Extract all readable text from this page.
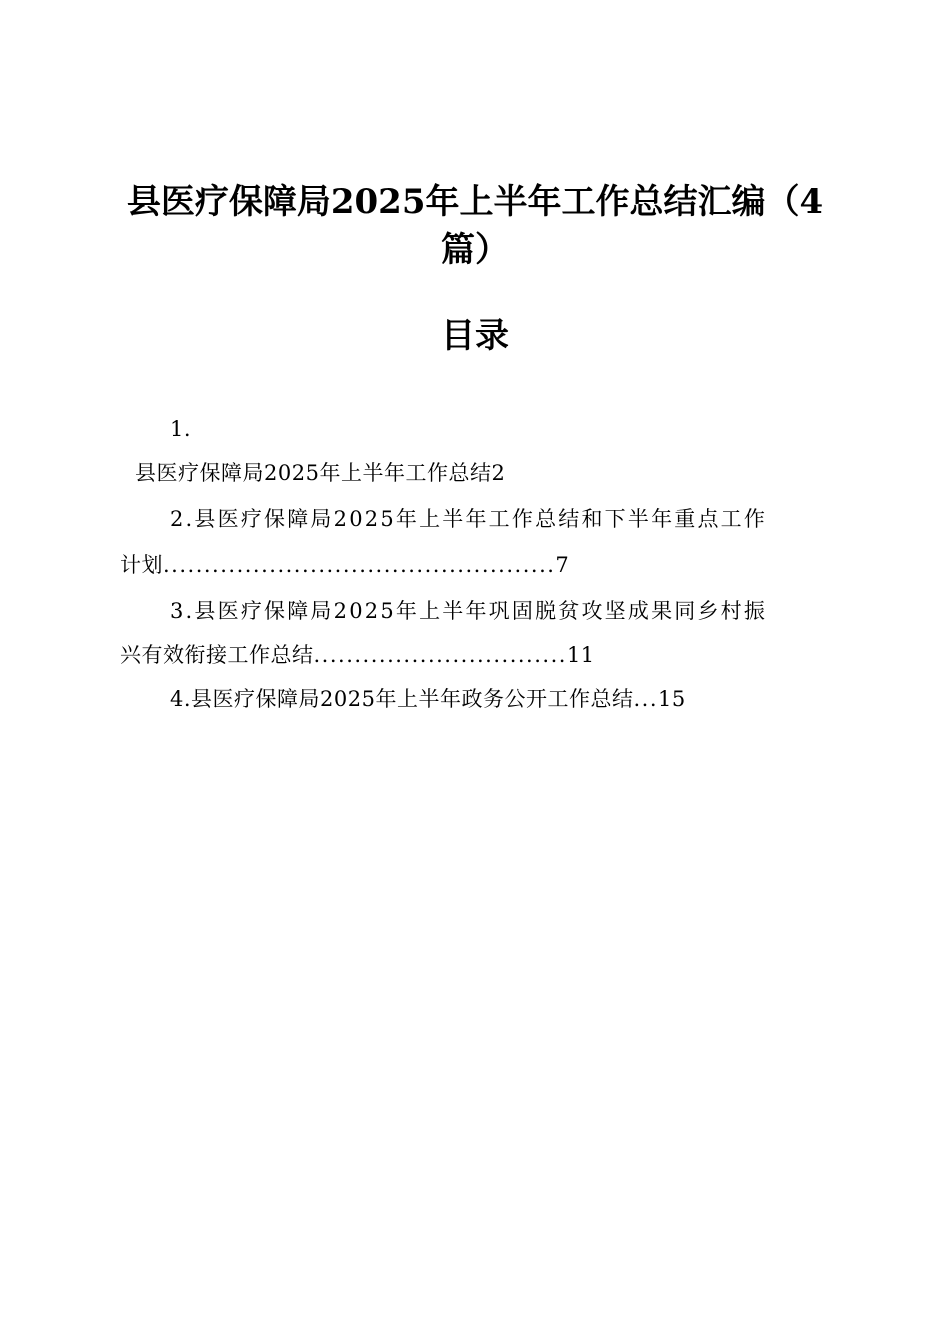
县医疗保障局2025年上半年工作总结汇编（4篇）
目录
1.
县医疗保障局2025年上半年工作总结2
2.县医疗保障局2025年上半年工作总结和下半年重点工作
计划................................................7
3.县医疗保障局2025年上半年巩固脱贫攻坚成果同乡村振
兴有效衔接工作总结...............................11
4.县医疗保障局2025年上半年政务公开工作总结...15
